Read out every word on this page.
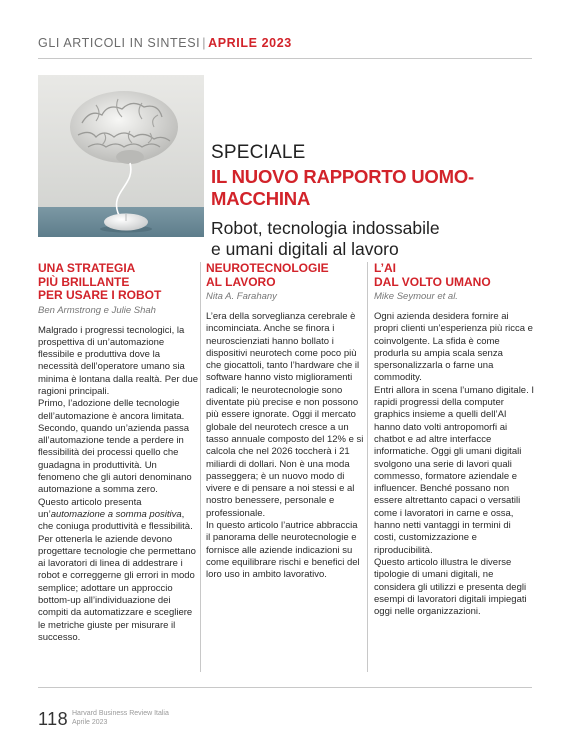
GLI ARTICOLI IN SINTESI | APRILE 2023
SPECIALE
IL NUOVO RAPPORTO UOMO-MACCHINA
Robot, tecnologia indossabile
e umani digitali al lavoro
UNA STRATEGIA
PIÙ BRILLANTE
PER USARE I ROBOT
Ben Armstrong e Julie Shah

Malgrado i progressi tecnologici, la prospettiva di un’automazione flessibile e produttiva dove la necessità dell’operatore umano sia minima è lontana dalla realtà. Per due ragioni principali.

Primo, l’adozione delle tecnologie dell’automazione è ancora limitata. Secondo, quando un’azienda passa all’automazione tende a perdere in flessibilità dei processi quello che guadagna in produttività. Un fenomeno che gli autori denominano automazione a somma zero.

Questo articolo presenta un’automazione a somma positiva, che coniuga produttività e flessibilità. Per ottenerla le aziende devono progettare tecnologie che permettano ai lavoratori di linea di addestrare i robot e correggerne gli errori in modo semplice; adottare un approccio bottom-up all’individuazione dei compiti da automatizzare e scegliere le metriche giuste per misurare il successo.

NEUROTECNOLOGIE
AL LAVORO
Nita A. Farahany

L’era della sorveglianza cerebrale è incominciata. Anche se finora i neuroscienziati hanno bollato i dispositivi neurotech come poco più che giocattoli, tanto l’hardware che il software hanno visto miglioramenti radicali; le neurotecnologie sono diventate più precise e non possono più essere ignorate. Oggi il mercato globale del neurotech cresce a un tasso annuale composto del 12% e si calcola che nel 2026 toccherà i 21 miliardi di dollari. Non è una moda passeggera; è un nuovo modo di vivere e di pensare a noi stessi e al nostro benessere, personale e professionale.

In questo articolo l’autrice abbraccia il panorama delle neurotecnologie e fornisce alle aziende indicazioni su come equilibrare rischi e benefici del loro uso in ambito lavorativo.

L’AI
DAL VOLTO UMANO
Mike Seymour et al.

Ogni azienda desidera fornire ai propri clienti un’esperienza più ricca e coinvolgente. La sfida è come produrla su ampia scala senza spersonalizzarla o farne una commodity.

Entri allora in scena l’umano digitale. I rapidi progressi della computer graphics insieme a quelli dell’AI hanno dato volti antropomorfi ai chatbot e ad altre interfacce informatiche. Oggi gli umani digitali svolgono una serie di lavori quali commesso, formatore aziendale e influencer. Benché possano non essere altrettanto capaci o versatili come i lavoratori in carne e ossa, hanno netti vantaggi in termini di costi, customizzazione e riproducibilità.

Questo articolo illustra le diverse tipologie di umani digitali, ne considera gli utilizzi e presenta degli esempi di lavoratori digitali impiegati oggi nelle organizzazioni.

118 Harvard Business Review Italia
Aprile 2023
